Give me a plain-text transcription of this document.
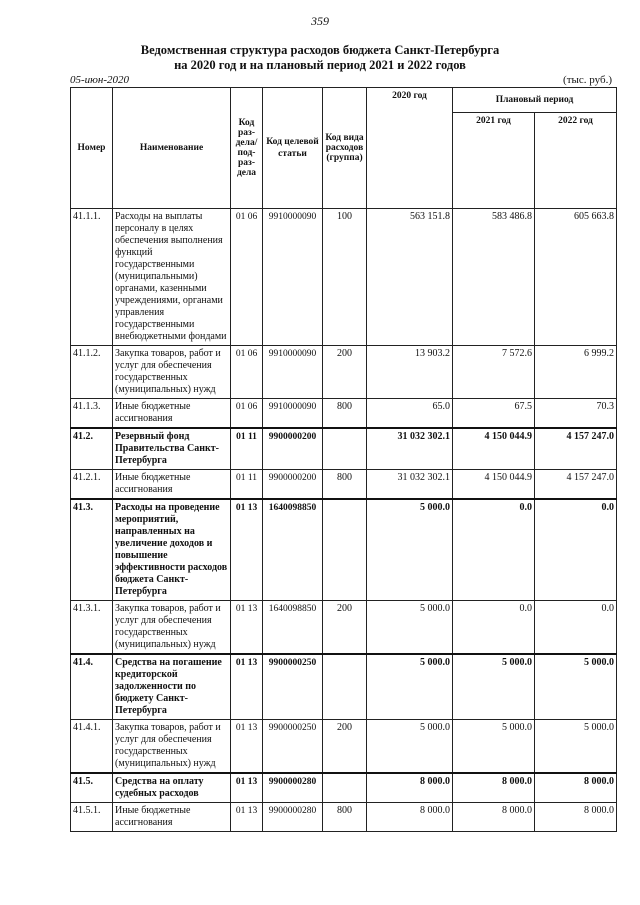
359
Ведомственная структура расходов бюджета Санкт-Петербурга
на 2020 год и на плановый период 2021 и 2022 годов
05-июн-2020	(тыс. руб.)
Номер	Наименование	Код раз-дела/ под-раз-дела	Код целевой статьи	Код вида расходов (группа)	2020 год	Плановый период	
						2021 год	2022 год
41.1.1.	Расходы на выплаты персоналу в целях обеспечения выполнения функций государственными (муниципальными) органами, казенными учреждениями, органами управления государственными внебюджетными фондами	01 06	9910000090	100	563 151.8	583 486.8	605 663.8
41.1.2.	Закупка товаров, работ и услуг для обеспечения государственных (муниципальных) нужд	01 06	9910000090	200	13 903.2	7 572.6	6 999.2
41.1.3.	Иные бюджетные ассигнования	01 06	9910000090	800	65.0	67.5	70.3
41.2.	Резервный фонд Правительства Санкт-Петербурга	01 11	9900000200		31 032 302.1	4 150 044.9	4 157 247.0
41.2.1.	Иные бюджетные ассигнования	01 11	9900000200	800	31 032 302.1	4 150 044.9	4 157 247.0
41.3.	Расходы на проведение мероприятий, направленных на увеличение доходов и повышение эффективности расходов бюджета Санкт-Петербурга	01 13	1640098850		5 000.0	0.0	0.0
41.3.1.	Закупка товаров, работ и услуг для обеспечения государственных (муниципальных) нужд	01 13	1640098850	200	5 000.0	0.0	0.0
41.4.	Средства на погашение кредиторской задолженности по бюджету Санкт-Петербурга	01 13	9900000250		5 000.0	5 000.0	5 000.0
41.4.1.	Закупка товаров, работ и услуг для обеспечения государственных (муниципальных) нужд	01 13	9900000250	200	5 000.0	5 000.0	5 000.0
41.5.	Средства на оплату судебных расходов	01 13	9900000280		8 000.0	8 000.0	8 000.0
41.5.1.	Иные бюджетные ассигнования	01 13	9900000280	800	8 000.0	8 000.0	8 000.0
